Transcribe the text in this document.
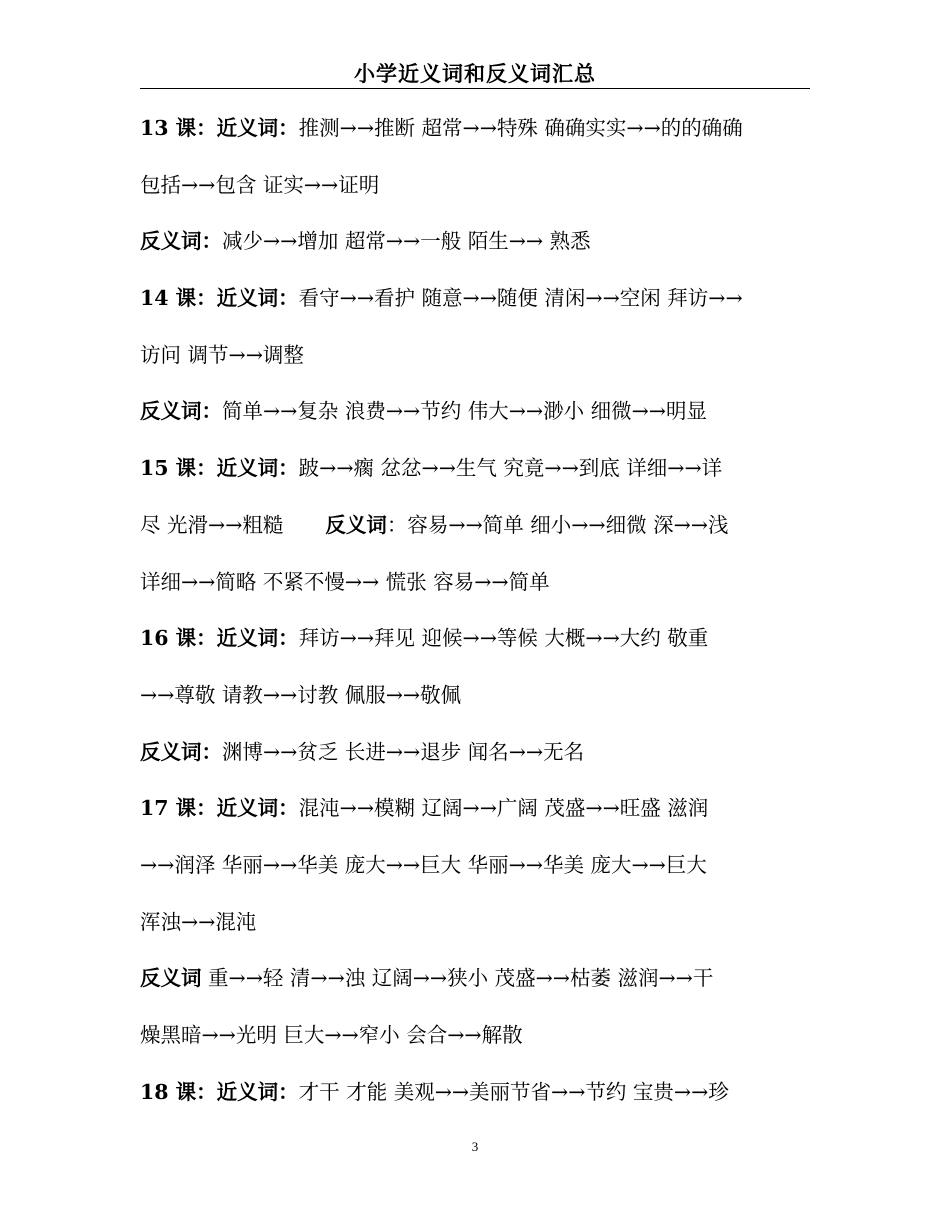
小学近义词和反义词汇总
13 课：近义词：推测→→推断 超常→→特殊 确确实实→→的的确确
包括→→包含 证实→→证明
反义词：减少→→增加 超常→→一般 陌生→→ 熟悉
14 课：近义词：看守→→看护 随意→→随便 清闲→→空闲 拜访→→
访问 调节→→调整
反义词：简单→→复杂 浪费→→节约 伟大→→渺小 细微→→明显
15 课：近义词：跛→→瘸 忿忿→→生气 究竟→→到底 详细→→详
尽 光滑→→粗糙 反义词：容易→→简单 细小→→细微 深→→浅
详细→→简略 不紧不慢→→ 慌张 容易→→简单
16 课：近义词：拜访→→拜见 迎候→→等候 大概→→大约 敬重
→→尊敬 请教→→讨教 佩服→→敬佩
反义词：渊博→→贫乏 长进→→退步 闻名→→无名
17 课：近义词：混沌→→模糊 辽阔→→广阔 茂盛→→旺盛 滋润
→→润泽 华丽→→华美 庞大→→巨大 华丽→→华美 庞大→→巨大
浑浊→→混沌
反义词 重→→轻 清→→浊 辽阔→→狭小 茂盛→→枯萎 滋润→→干
燥黑暗→→光明 巨大→→窄小 会合→→解散
18 课：近义词：才干 才能 美观→→美丽节省→→节约 宝贵→→珍
3
